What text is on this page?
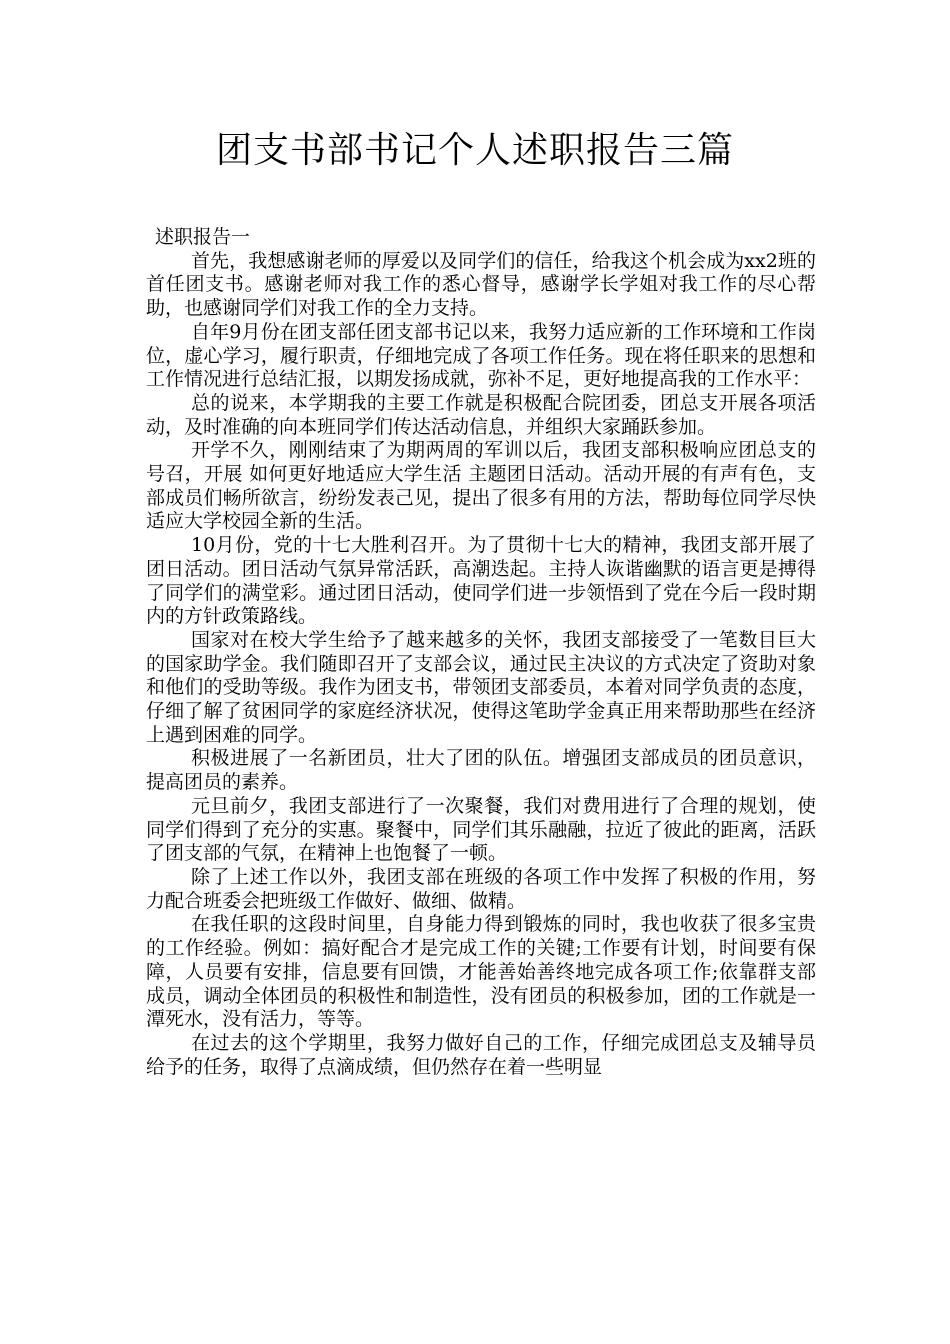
团支书部书记个人述职报告三篇

述职报告一

首先，我想感谢老师的厚爱以及同学们的信任，给我这个机会成为xx2班的首任团支书。感谢老师对我工作的悉心督导，感谢学长学姐对我工作的尽心帮助，也感谢同学们对我工作的全力支持。

自年9月份在团支部任团支部书记以来，我努力适应新的工作环境和工作岗位，虚心学习，履行职责，仔细地完成了各项工作任务。现在将任职来的思想和工作情况进行总结汇报，以期发扬成就，弥补不足，更好地提高我的工作水平：

总的说来，本学期我的主要工作就是积极配合院团委，团总支开展各项活动，及时准确的向本班同学们传达活动信息，并组织大家踊跃参加。

开学不久，刚刚结束了为期两周的军训以后，我团支部积极响应团总支的号召，开展 如何更好地适应大学生活 主题团日活动。活动开展的有声有色，支部成员们畅所欲言，纷纷发表己见，提出了很多有用的方法，帮助每位同学尽快适应大学校园全新的生活。

10月份，党的十七大胜利召开。为了贯彻十七大的精神，我团支部开展了团日活动。团日活动气氛异常活跃，高潮迭起。主持人诙谐幽默的语言更是搏得了同学们的满堂彩。通过团日活动，使同学们进一步领悟到了党在今后一段时期内的方针政策路线。

国家对在校大学生给予了越来越多的关怀，我团支部接受了一笔数目巨大的国家助学金。我们随即召开了支部会议，通过民主决议的方式决定了资助对象和他们的受助等级。我作为团支书，带领团支部委员，本着对同学负责的态度，仔细了解了贫困同学的家庭经济状况，使得这笔助学金真正用来帮助那些在经济上遇到困难的同学。

积极进展了一名新团员，壮大了团的队伍。增强团支部成员的团员意识，提高团员的素养。

元旦前夕，我团支部进行了一次聚餐，我们对费用进行了合理的规划，使同学们得到了充分的实惠。聚餐中，同学们其乐融融，拉近了彼此的距离，活跃了团支部的气氛，在精神上也饱餐了一顿。

除了上述工作以外，我团支部在班级的各项工作中发挥了积极的作用，努力配合班委会把班级工作做好、做细、做精。

在我任职的这段时间里，自身能力得到锻炼的同时，我也收获了很多宝贵的工作经验。例如：搞好配合才是完成工作的关键;工作要有计划，时间要有保障，人员要有安排，信息要有回馈，才能善始善终地完成各项工作;依靠群支部成员，调动全体团员的积极性和制造性，没有团员的积极参加，团的工作就是一潭死水，没有活力，等等。

在过去的这个学期里，我努力做好自己的工作，仔细完成团总支及辅导员给予的任务，取得了点滴成绩，但仍然存在着一些明显
